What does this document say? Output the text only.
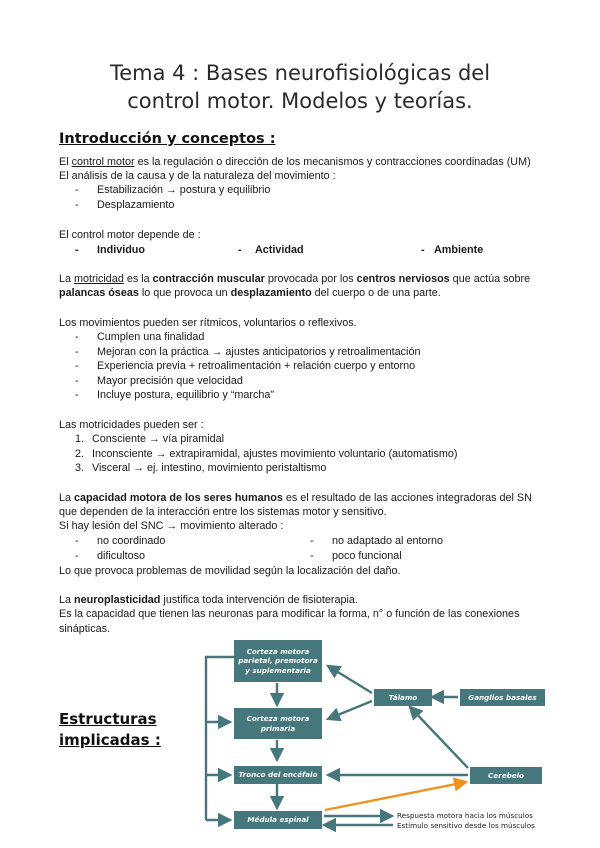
Tema 4 : Bases neurofisiológicas del
control motor. Modelos y teorías.
Introducción y conceptos :
El control motor es la regulación o dirección de los mecanismos y contracciones coordinadas (UM)
El análisis de la causa y de la naturaleza del movimiento :
- Estabilización → postura y equilibrio
- Desplazamiento
El control motor depende de :
- Individuo	- Actividad	- Ambiente
La motricidad es la contracción muscular provocada por los centros nerviosos que actúa sobre
palancas óseas lo que provoca un desplazamiento del cuerpo o de una parte.
Los movimientos pueden ser rítmicos, voluntarios o reflexivos.
- Cumplen una finalidad
- Mejoran con la práctica → ajustes anticipatorios y retroalimentación
- Experiencia previa + retroalimentación + relación cuerpo y entorno
- Mayor precisión que velocidad
- Incluye postura, equilibrio y “marcha”
Las motricidades pueden ser :
1. Consciente → vía piramidal
2. Inconsciente → extrapiramidal, ajustes movimiento voluntario (automatismo)
3. Visceral → ej. intestino, movimiento peristaltismo
La capacidad motora de los seres humanos es el resultado de las acciones integradoras del SN
que dependen de la interacción entre los sistemas motor y sensitivo.
Si hay lesión del SNC → movimiento alterado :
- no coordinado	- no adaptado al entorno
- dificultoso	- poco funcional
Lo que provoca problemas de movilidad según la localización del daño.
La neuroplasticidad justifica toda intervención de fisioterapia.
Es la capacidad que tienen las neuronas para modificar la forma, n° o función de las conexiones
sinápticas.
Estructuras
implicadas :
Corteza motora
parietal, premotora
y suplementaria
Corteza motora
primaria
Tronco del encéfalo
Médula espinal
Tálamo	Ganglios basales
Cerebelo
Respuesta motora hacia los músculos
Estímulo sensitivo desde los músculos
